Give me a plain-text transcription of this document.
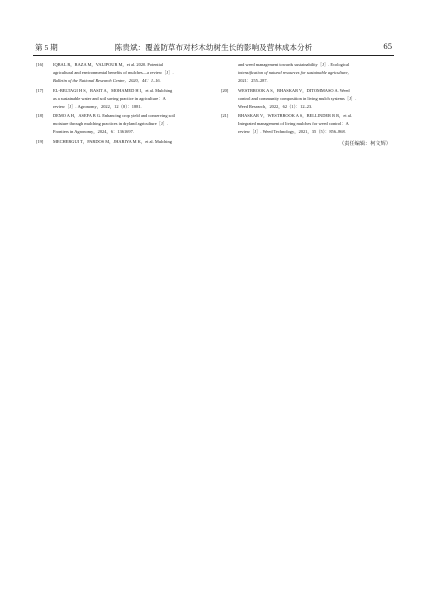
第 5 期	陈贵斌：覆盖防草布对杉木幼树生长的影响及营林成本分析	65
[16] IQBAL R，RAZA M，VALIPOUR M，et al. 2020. Potential
agricultural and environmental benefits of mulches—a review［J］.
Bulletin of the National Research Centre，2020，44：1–16.
[17] EL-BELTAGI H S，BASIT A，MOHAMED H I，et al. Mulching
as a sustainable water and soil saving practice in agriculture：A
review［J］. Agronomy，2022，12（8）：1881.
[18] DEMO A H，ASEFA B G. Enhancing crop yield and conserving soil
moisture through mulching practices in dryland agriculture［J］.
Frontiers in Agronomy，2024，6：1361697.
[19] MECHERGUI T，PARDOS M，JHARIYA M K，et al. Mulching
and weed management towards sustainability［J］. Ecological
intensification of natural resources for sustainable agriculture，
2021：255–287.
[20] WESTBROOK A S，BHASKAR V，DITOMMASO A. Weed
control and community composition in living mulch systems［J］.
Weed Research，2022，62（1）：12–23.
[21] BHASKAR V，WESTBROOK A S，BELLINDER R R，et al.
Integrated management of living mulches for weed control：A
review［J］. Weed Technology，2021，35（5）：856–868.
（责任编辑：柯文辉）
